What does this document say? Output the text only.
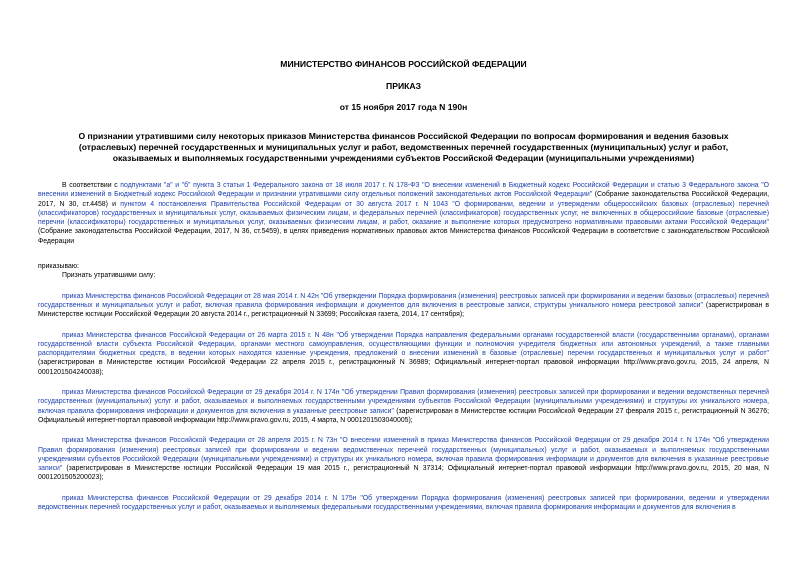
МИНИСТЕРСТВО ФИНАНСОВ РОССИЙСКОЙ ФЕДЕРАЦИИ
ПРИКАЗ
от 15 ноября 2017 года N 190н
О признании утратившими силу некоторых приказов Министерства финансов Российской Федерации по вопросам формирования и ведения базовых (отраслевых) перечней государственных и муниципальных услуг и работ, ведомственных перечней государственных (муниципальных) услуг и работ, оказываемых и выполняемых государственными учреждениями субъектов Российской Федерации (муниципальными учреждениями)

В соответствии с подпунктами "а" и "б" пункта 3 статьи 1 Федерального закона от 18 июля 2017 г. N 178-ФЗ "О внесении изменений в Бюджетный кодекс Российской Федерации и статью 3 Федерального закона "О внесении изменений в Бюджетный кодекс Российской Федерации и признании утратившими силу отдельных положений законодательных актов Российской Федерации" (Собрание законодательства Российской Федерации, 2017, N 30, ст.4458) и пунктом 4 постановления Правительства Российской Федерации от 30 августа 2017 г. N 1043 "О формировании, ведении и утверждении общероссийских базовых (отраслевых) перечней (классификаторов) государственных и муниципальных услуг, оказываемых физическим лицам, и федеральных перечней (классификаторов) государственных услуг, не включенных в общероссийские базовые (отраслевые) перечни (классификаторы) государственных и муниципальных услуг, оказываемых физическим лицам, и работ, оказание и выполнение которых предусмотрено нормативными правовыми актами Российской Федерации" (Собрание законодательства Российской Федерации, 2017, N 36, ст.5459), в целях приведения нормативных правовых актов Министерства финансов Российской Федерации в соответствие с законодательством Российской Федерации

приказываю:

Признать утратившими силу:

приказ Министерства финансов Российской Федерации от 28 мая 2014 г. N 42н "Об утверждении Порядка формирования (изменения) реестровых записей при формировании и ведении базовых (отраслевых) перечней государственных и муниципальных услуг и работ, включая правила формирования информации и документов для включения в реестровые записи, структуры уникального номера реестровой записи" (зарегистрирован в Министерстве юстиции Российской Федерации 20 августа 2014 г., регистрационный N 33699; Российская газета, 2014, 17 сентября);

приказ Министерства финансов Российской Федерации от 26 марта 2015 г. N 48н "Об утверждении Порядка направления федеральными органами государственной власти (государственными органами), органами государственной власти субъекта Российской Федерации, органами местного самоуправления, осуществляющими функции и полномочия учредителя бюджетных или автономных учреждений, а также главными распорядителями бюджетных средств, в ведении которых находятся казенные учреждения, предложений о внесении изменений в базовые (отраслевые) перечни государственных и муниципальных услуг и работ" (зарегистрирован в Министерстве юстиции Российской Федерации 22 апреля 2015 г., регистрационный N 36989; Официальный интернет-портал правовой информации http://www.pravo.gov.ru, 2015, 24 апреля, N 0001201504240038);

приказ Министерства финансов Российской Федерации от 29 декабря 2014 г. N 174н "Об утверждении Правил формирования (изменения) реестровых записей при формировании и ведении ведомственных перечней государственных (муниципальных) услуг и работ, оказываемых и выполняемых государственными учреждениями субъектов Российской Федерации (муниципальными учреждениями) и структуры их уникального номера, включая правила формирования информации и документов для включения в указанные реестровые записи" (зарегистрирован в Министерстве юстиции Российской Федерации 27 февраля 2015 г., регистрационный N 36276; Официальный интернет-портал правовой информации http://www.pravo.gov.ru, 2015, 4 марта, N 0001201503040005);

приказ Министерства финансов Российской Федерации от 28 апреля 2015 г. N 73н "О внесении изменений в приказ Министерства финансов Российской Федерации от 29 декабря 2014 г. N 174н "Об утверждении Правил формирования (изменения) реестровых записей при формировании и ведении ведомственных перечней государственных (муниципальных) услуг и работ, оказываемых и выполняемых государственными учреждениями субъектов Российской Федерации (муниципальными учреждениями) и структуры их уникального номера, включая правила формирования информации и документов для включения в указанные реестровые записи" (зарегистрирован в Министерстве юстиции Российской Федерации 19 мая 2015 г., регистрационный N 37314; Официальный интернет-портал правовой информации http://www.pravo.gov.ru, 2015, 20 мая, N 0001201505200023);

приказ Министерства финансов Российской Федерации от 29 декабря 2014 г. N 175н "Об утверждении Порядка формирования (изменения) реестровых записей при формировании, ведении и утверждении ведомственных перечней государственных услуг и работ, оказываемых и выполняемых федеральными государственными учреждениями, включая правила формирования информации и документов для включения в
